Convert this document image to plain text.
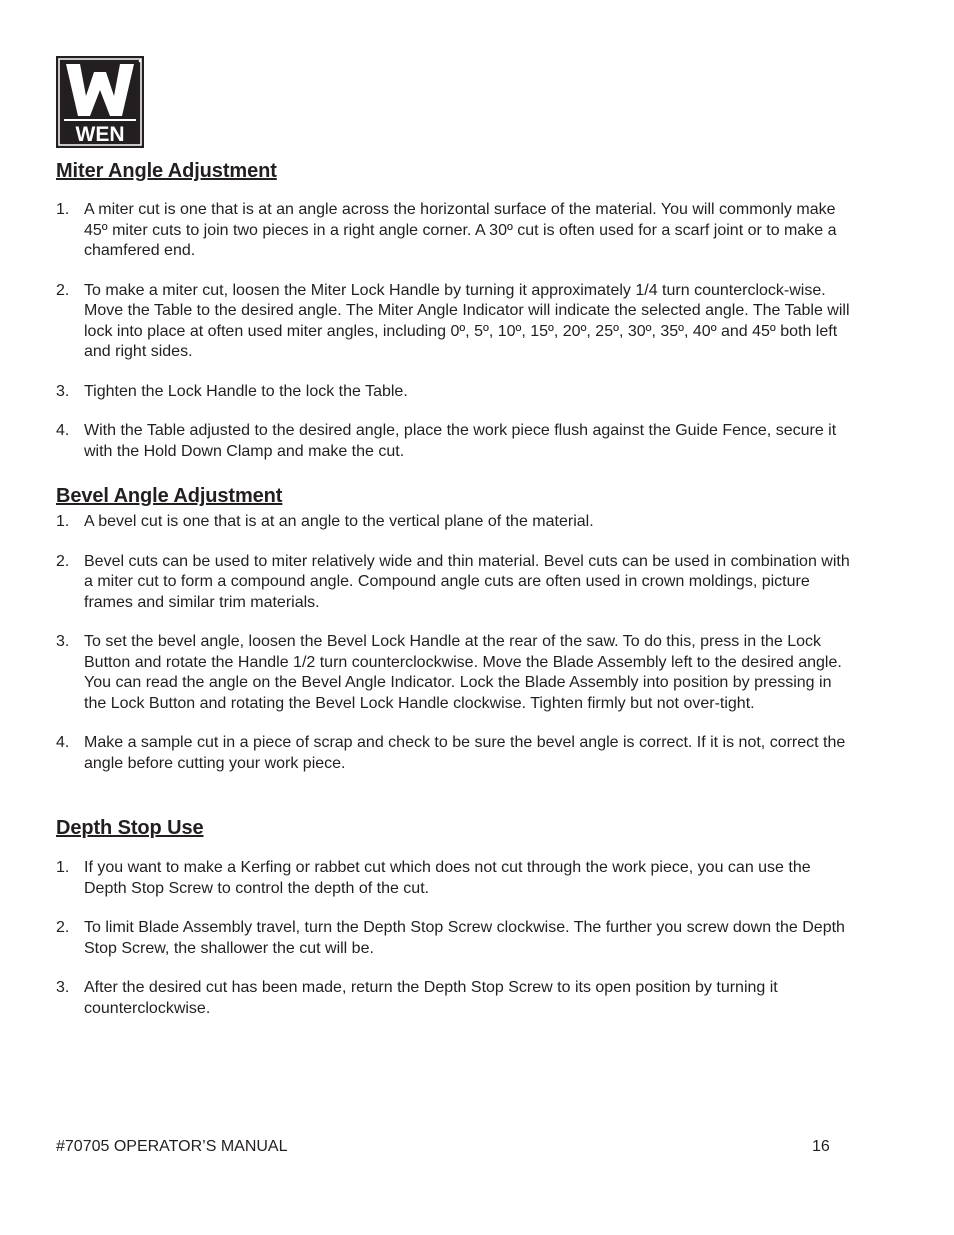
WEN
Miter Angle Adjustment
1. A miter cut is one that is at an angle across the horizontal surface of the material. You will commonly make 45º miter cuts to join two pieces in a right angle corner. A 30º cut is often used for a scarf joint or to make a chamfered end.
2. To make a miter cut, loosen the Miter Lock Handle by turning it approximately 1/4 turn counterclock-wise. Move the Table to the desired angle. The Miter Angle Indicator will indicate the selected angle. The Table will lock into place at often used miter angles, including 0º, 5º, 10º, 15º, 20º, 25º, 30º, 35º, 40º and 45º both left and right sides.
3. Tighten the Lock Handle to the lock the Table.
4. With the Table adjusted to the desired angle, place the work piece flush against the Guide Fence, secure it with the Hold Down Clamp and make the cut.
Bevel Angle Adjustment
1. A bevel cut is one that is at an angle to the vertical plane of the material.
2. Bevel cuts can be used to miter relatively wide and thin material. Bevel cuts can be used in combination with a miter cut to form a compound angle. Compound angle cuts are often used in crown moldings, picture frames and similar trim materials.
3. To set the bevel angle, loosen the Bevel Lock Handle at the rear of the saw. To do this, press in the Lock Button and rotate the Handle 1/2 turn counterclockwise. Move the Blade Assembly left to the desired angle. You can read the angle on the Bevel Angle Indicator. Lock the Blade Assembly into position by pressing in the Lock Button and rotating the Bevel Lock Handle clockwise. Tighten firmly but not over-tight.
4. Make a sample cut in a piece of scrap and check to be sure the bevel angle is correct. If it is not, correct the angle before cutting your work piece.
Depth Stop Use
1. If you want to make a Kerfing or rabbet cut which does not cut through the work piece, you can use the Depth Stop Screw to control the depth of the cut.
2. To limit Blade Assembly travel, turn the Depth Stop Screw clockwise. The further you screw down the Depth Stop Screw, the shallower the cut will be.
3. After the desired cut has been made, return the Depth Stop Screw to its open position by turning it counterclockwise.
#70705 OPERATOR’S MANUAL	16
